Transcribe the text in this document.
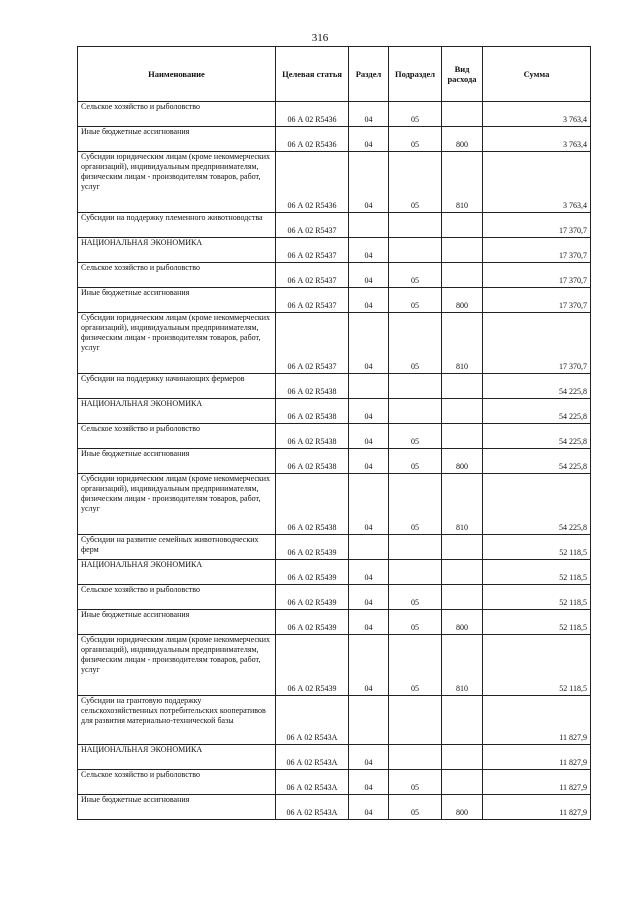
316
Наименование	Целевая статья	Раздел	Подраздел	Вид расхода	Сумма
Сельское хозяйство и рыболовство	06 А 02 R5436	04	05		3 763,4
Иные бюджетные ассигнования	06 А 02 R5436	04	05	800	3 763,4
Субсидии юридическим лицам (кроме некоммерческих организаций), индивидуальным предпринимателям, физическим лицам - производителям товаров, работ, услуг	06 А 02 R5436	04	05	810	3 763,4
Субсидии на поддержку племенного животноводства	06 А 02 R5437				17 370,7
НАЦИОНАЛЬНАЯ ЭКОНОМИКА	06 А 02 R5437	04			17 370,7
Сельское хозяйство и рыболовство	06 А 02 R5437	04	05		17 370,7
Иные бюджетные ассигнования	06 А 02 R5437	04	05	800	17 370,7
Субсидии юридическим лицам (кроме некоммерческих организаций), индивидуальным предпринимателям, физическим лицам - производителям товаров, работ, услуг	06 А 02 R5437	04	05	810	17 370,7
Субсидии на поддержку начинающих фермеров	06 А 02 R5438				54 225,8
НАЦИОНАЛЬНАЯ ЭКОНОМИКА	06 А 02 R5438	04			54 225,8
Сельское хозяйство и рыболовство	06 А 02 R5438	04	05		54 225,8
Иные бюджетные ассигнования	06 А 02 R5438	04	05	800	54 225,8
Субсидии юридическим лицам (кроме некоммерческих организаций), индивидуальным предпринимателям, физическим лицам - производителям товаров, работ, услуг	06 А 02 R5438	04	05	810	54 225,8
Субсидии на развитие семейных животноводческих ферм	06 А 02 R5439				52 118,5
НАЦИОНАЛЬНАЯ ЭКОНОМИКА	06 А 02 R5439	04			52 118,5
Сельское хозяйство и рыболовство	06 А 02 R5439	04	05		52 118,5
Иные бюджетные ассигнования	06 А 02 R5439	04	05	800	52 118,5
Субсидии юридическим лицам (кроме некоммерческих организаций), индивидуальным предпринимателям, физическим лицам - производителям товаров, работ, услуг	06 А 02 R5439	04	05	810	52 118,5
Субсидии на грантовую поддержку сельскохозяйственных потребительских кооперативов для развития материально-технической базы	06 А 02 R543А				11 827,9
НАЦИОНАЛЬНАЯ ЭКОНОМИКА	06 А 02 R543А	04			11 827,9
Сельское хозяйство и рыболовство	06 А 02 R543А	04	05		11 827,9
Иные бюджетные ассигнования	06 А 02 R543А	04	05	800	11 827,9
